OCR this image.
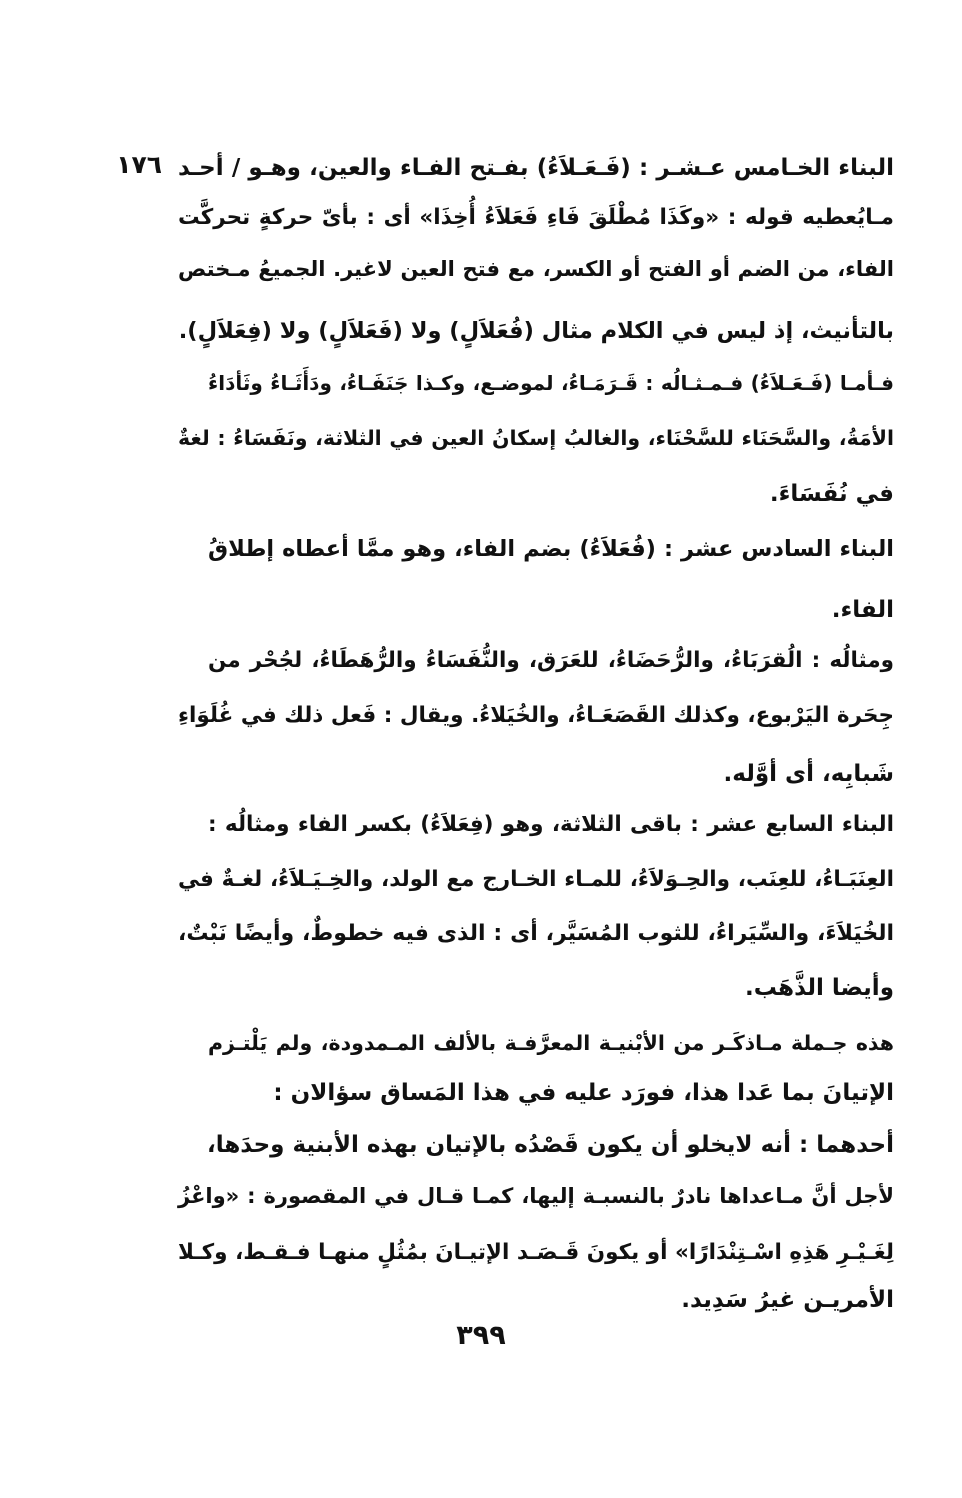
١٧٦ البناء الخـامس عـشـر : (فَـعَـلاَءُ) بفـتح الفـاء والعين، وهـو / أحـد
مـايُعطيه قوله : «وكَذَا مُطْلَقَ فَاءِ فَعَلاَءُ أُخِذَا» أى : بأىّ حركةٍ تحركَّت
الفاء، من الضم أو الفتح أو الكسر، مع فتح العين لاغير. الجميعُ مـختص
بالتأنيث، إذ ليس في الكلام مثال (فُعَلاَلٍ) ولا (فَعَلاَلٍ) ولا (فِعَلاَلٍ).
فـأمـا (فَـعَـلاَءُ) فـمـثـالُه : قَـرَمَـاءُ، لموضـع، وكـذا جَنَفَـاءُ، ودَأَثَـاءُ وثَأدَاءُ
الأمَةُ، والسَّحَنَاء للسَّحْنَاء، والغالبُ إسكانُ العين في الثلاثة، ونَفَسَاءُ : لغةٌ
في نُفَسَاءَ.
البناء السادس عشر : (فُعَلاَءُ) بضم الفاء، وهو ممَّا أعطاه إطلاقُ
الفاء.
ومثالُه : الُقرَبَاءُ، والرُّحَضَاءُ، للعَرَق، والنُّفَسَاءُ والرُّهَطَاءُ، لجُحْر من
جِحَرة اليَرْبوع، وكذلك القَصَعَـاءُ، والخُيَلاءُ. ويقال : فَعل ذلك في غُلَوَاءِ
شَبابِه، أى أوَّله.
البناء السابع عشر : باقى الثلاثة، وهو (فِعَلاَءُ) بكسر الفاء ومثالُه :
العِنَبَـاءُ، للعِنَب، والحِـوَلاَءُ، للمـاء الخـارج مع الولد، والخِـيَـلاَءُ، لغـةٌ في
الخُيَلاَءَ، والسِّيَراءُ، للثوب المُسَيَّر، أى : الذى فيه خطوطٌ، وأيضًا نَبْتٌ،
وأيضا الذَّهَب.
هذه جـملة مـاذكَـر من الأبْنيـة المعرَّفـة بالألف المـمدودة، ولم يَلْتـزم
الإتيانَ بما عَدا هذا، فورَد عليه في هذا المَساق سؤالان :
أحدهما : أنه لايخلو أن يكون قَصْدُه بالإتيان بهذه الأبنية وحدَها،
لأجل أنَّ مـاعداها نادرٌ بالنسبـة إليها، كمـا قـال في المقصورة : «واعْزُ
لِغَـيْـرِ هَذِهِ اسْـتِنْدَارًا» أو يكونَ قَـصَـد الإتيـانَ بمُثُلٍ منهـا فـقـط، وكـلا
الأمريـن غيرُ سَدِيد.
٣٩٩
